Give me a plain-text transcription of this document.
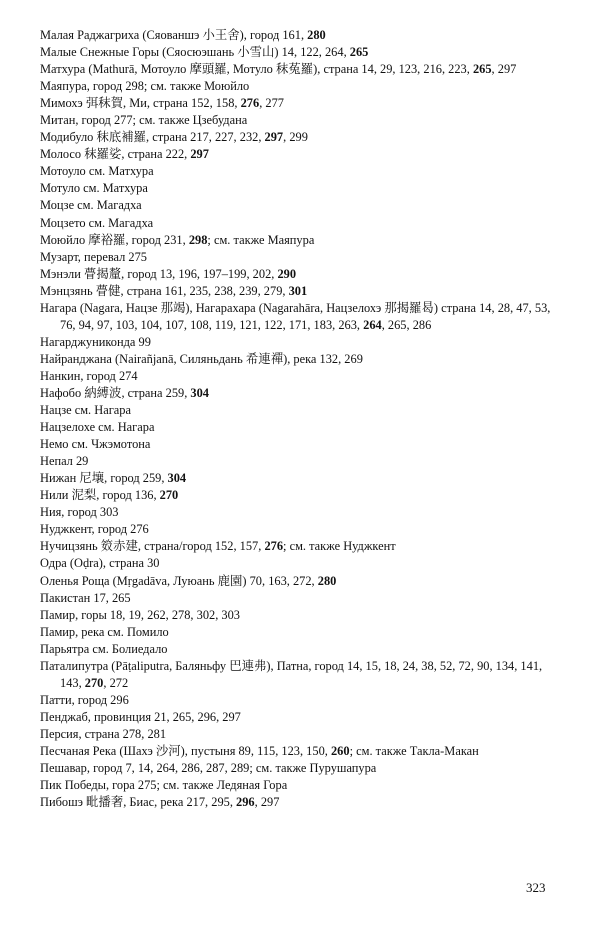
Малая Раджагриха (Сяованшэ 小王舍), город 161, 280
Малые Снежные Горы (Сяосюэшань 小雪山) 14, 122, 264, 265
Матхура (Mathurā, Мотоуло 摩頭羅, Мотуло 秣菟羅), страна 14, 29, 123, 216, 223, 265, 297
Маяпура, город 298; см. также Моюйло
Мимохэ 弭秣賀, Ми, страна 152, 158, 276, 277
Митан, город 277; см. также Цзебудана
Модибуло 秣底補羅, страна 217, 227, 232, 297, 299
Молосо 秣羅娑, страна 222, 297
Мотоуло см. Матхура
Мотуло см. Матхура
Моцзе см. Магадха
Моцзето см. Магадха
Моюйло 摩裕羅, город 231, 298; см. также Маяпура
Музарт, перевал 275
Мэнэли 瞢揭釐, город 13, 196, 197–199, 202, 290
Мэнцзянь 瞢健, страна 161, 235, 238, 239, 279, 301
Нагара (Nagara, Нацзе 那竭), Нагарахара (Nagarahāra, Нацзелохэ 那揭羅曷) страна 14, 28, 47, 53, 76, 94, 97, 103, 104, 107, 108, 119, 121, 122, 171, 183, 263, 264, 265, 286
Нагарджуниконда 99
Найранджана (Nairañjanā, Силяньдань 希連禪), река 132, 269
Нанкин, город 274
Нафобо 納縛波, страна 259, 304
Нацзе см. Нагара
Нацзелохе см. Нагара
Немо см. Чжэмотона
Непал 29
Нижан 尼壤, город 259, 304
Нили 泥梨, город 136, 270
Ния, город 303
Нуджкент, город 276
Нучицзянь 笯赤建, страна/город 152, 157, 276; см. также Нуджкент
Одра (Oḍra), страна 30
Оленья Роща (Mṛgadāva, Луюань 鹿園) 70, 163, 272, 280
Пакистан 17, 265
Памир, горы 18, 19, 262, 278, 302, 303
Памир, река см. Помило
Парьятра см. Болиедало
Паталипутра (Pāṭaliputra, Баляньфу 巴連弗), Патна, город 14, 15, 18, 24, 38, 52, 72, 90, 134, 141, 143, 270, 272
Патти, город 296
Пенджаб, провинция 21, 265, 296, 297
Персия, страна 278, 281
Песчаная Река (Шахэ 沙河), пустыня 89, 115, 123, 150, 260; см. также Такла-Макан
Пешавар, город 7, 14, 264, 286, 287, 289; см. также Пурушапура
Пик Победы, гора 275; см. также Ледяная Гора
Пибошэ 毗播奢, Биас, река 217, 295, 296, 297
323
